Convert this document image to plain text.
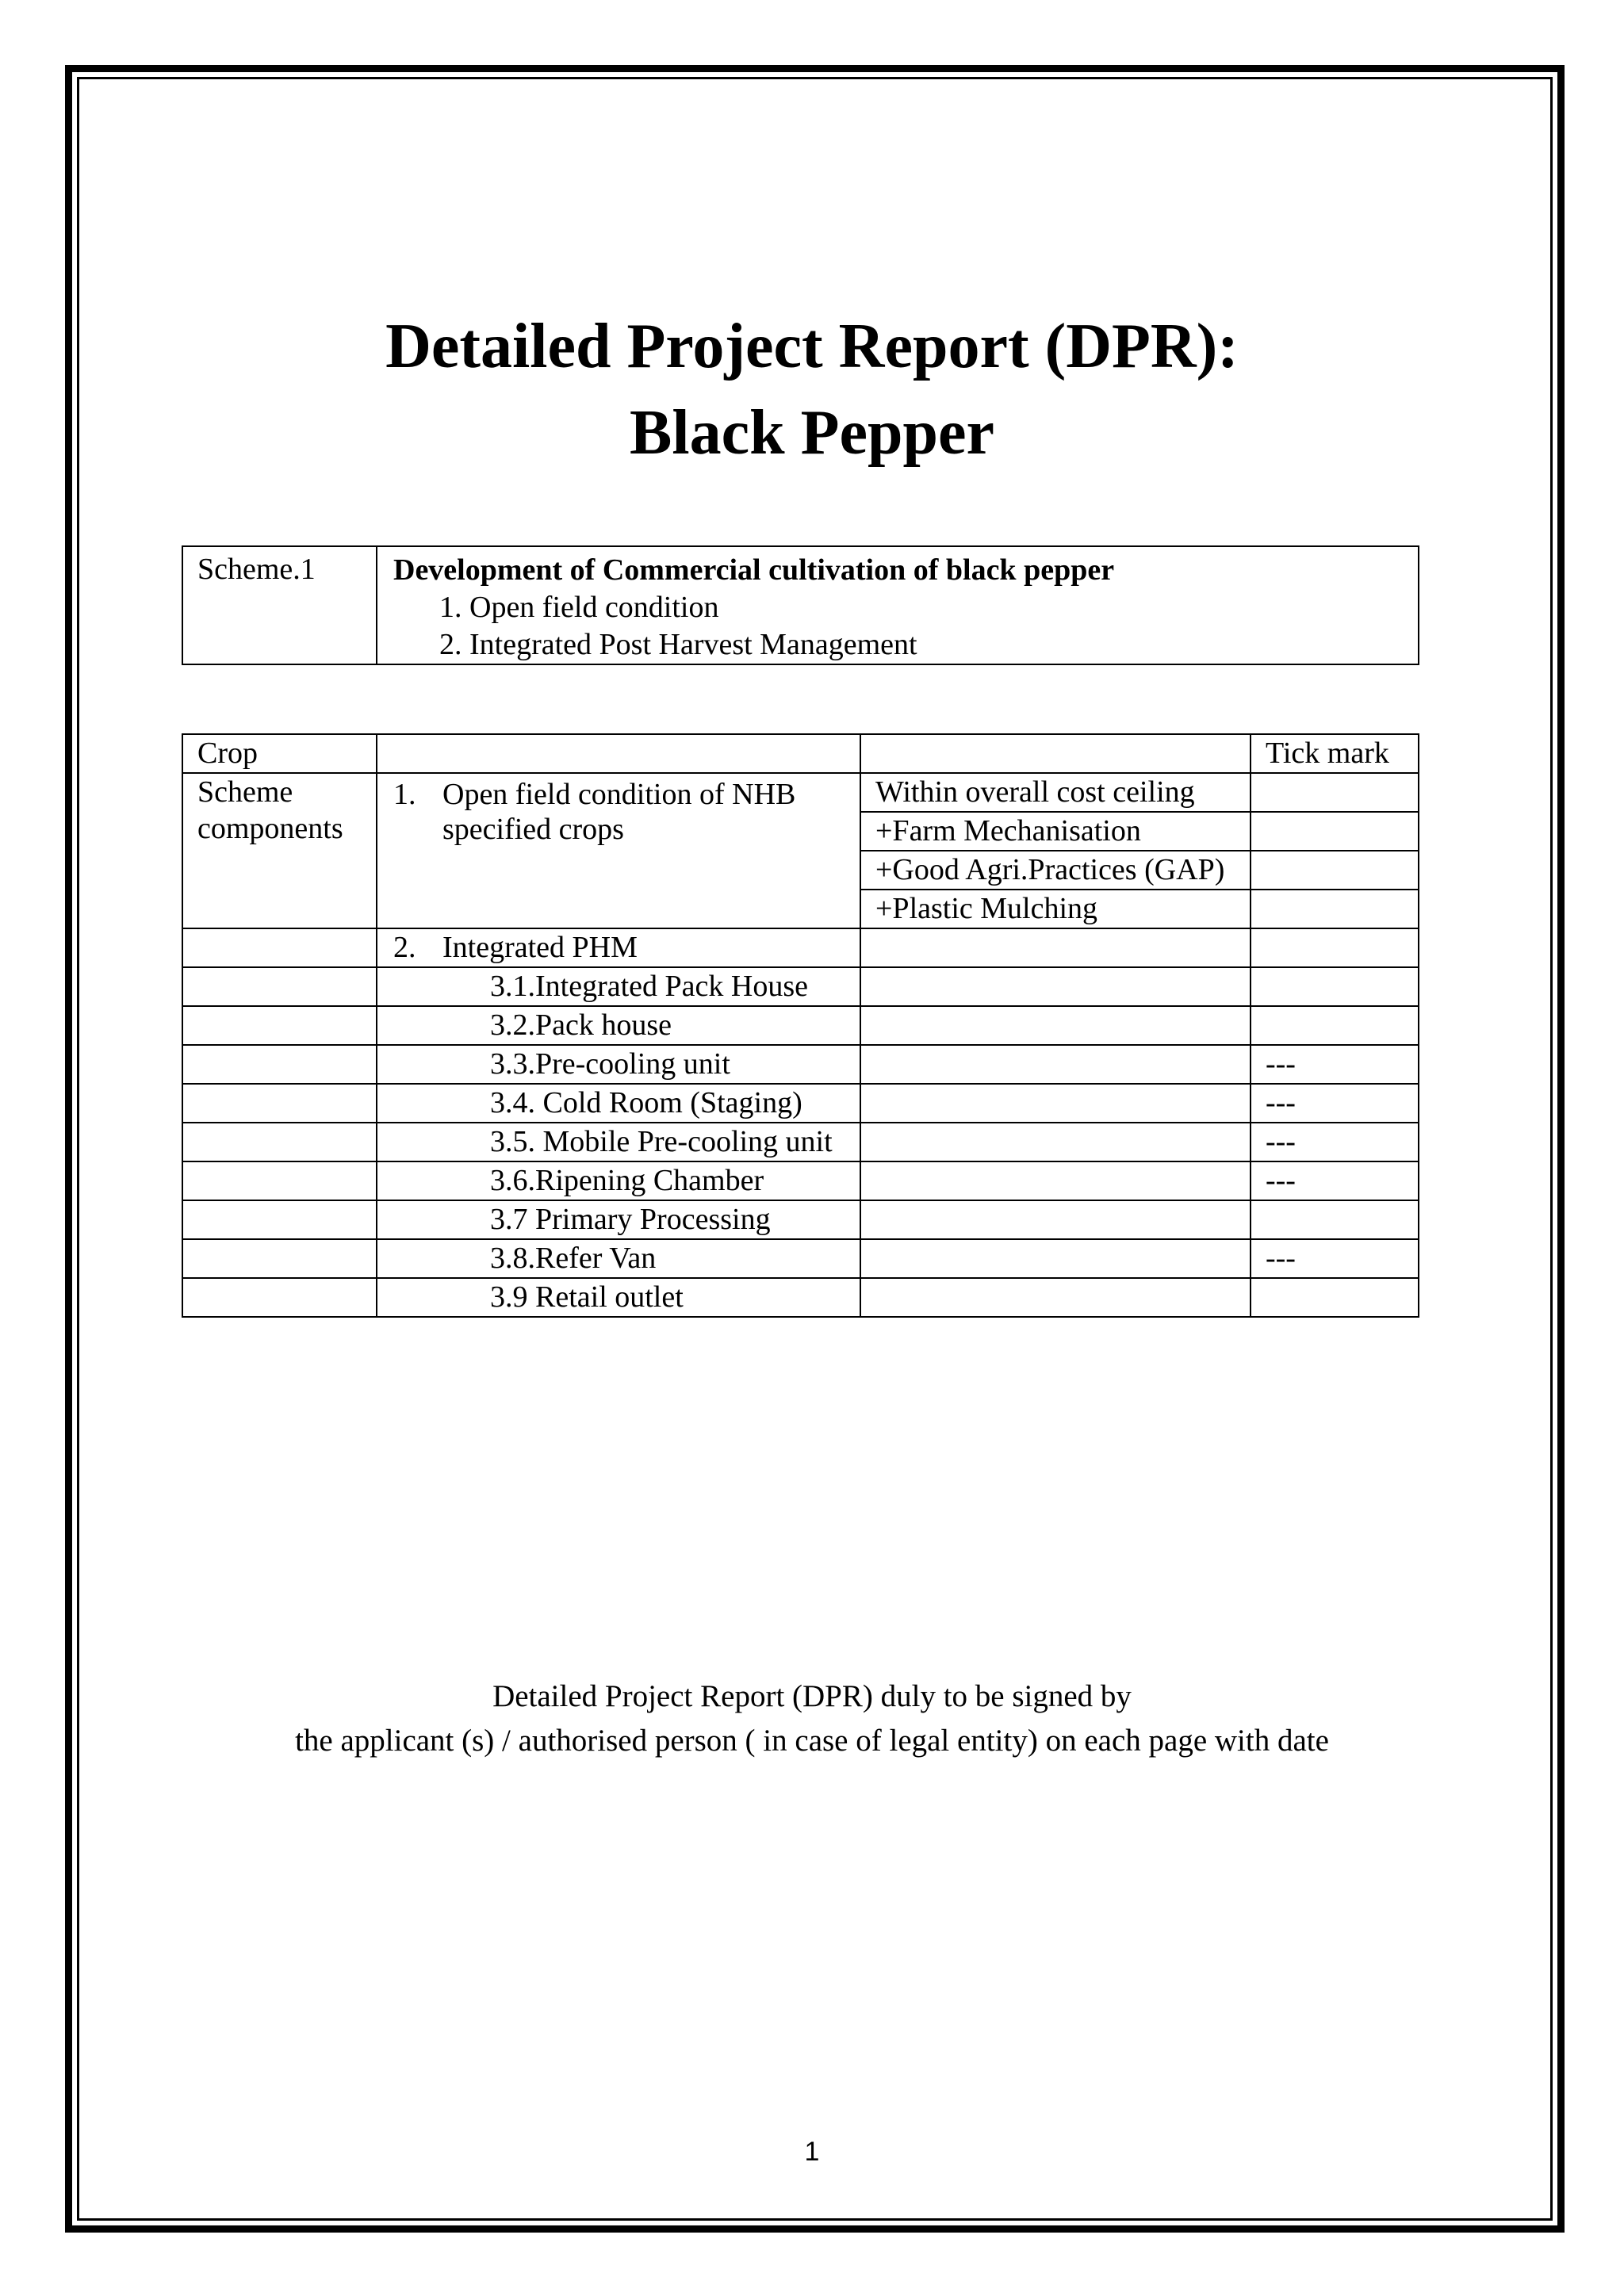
Detailed Project Report (DPR):
Black Pepper
Scheme.1	Development of Commercial cultivation of black pepper
1. Open field condition
2. Integrated Post Harvest Management
Crop			Tick mark
Scheme components	1. Open field condition of NHB specified crops	Within overall cost ceiling	
		+Farm Mechanisation	
		+Good Agri.Practices (GAP)	
		+Plastic Mulching	
	2. Integrated PHM		
	3.1.Integrated Pack House		
	3.2.Pack house		
	3.3.Pre-cooling unit		---
	3.4. Cold Room (Staging)		---
	3.5. Mobile Pre-cooling unit		---
	3.6.Ripening Chamber		---
	3.7 Primary Processing		
	3.8.Refer Van		---
	3.9 Retail outlet		
Detailed Project Report (DPR) duly to be signed by
the applicant (s) / authorised person ( in case of legal entity) on each page with date
1
